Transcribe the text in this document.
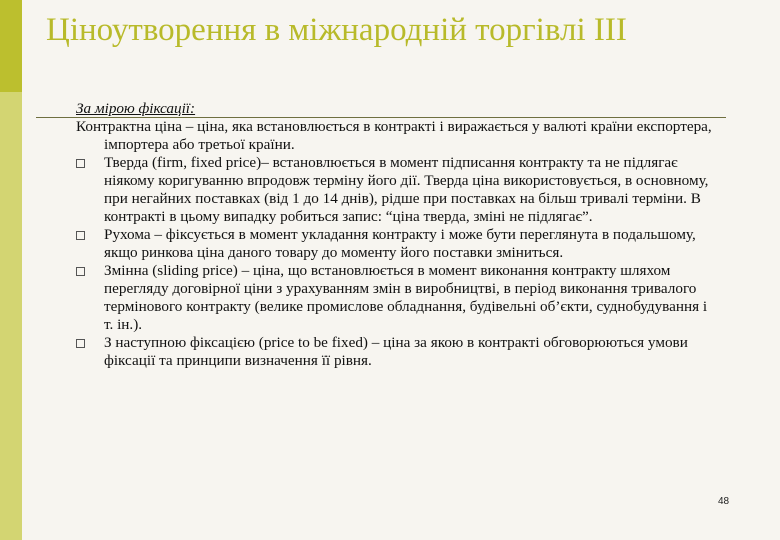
Ціноутворення в міжнародній торгівлі III

За мірою фіксації:

Контрактна ціна – ціна, яка встановлюється в контракті і виражається у валюті країни експортера, імпортера або третьої країни.

Тверда (firm, fixed price)– встановлюється в момент підписання контракту та не підлягає ніякому коригуванню впродовж терміну його дії. Тверда ціна використовується, в основному, при негайних поставках (від 1 до 14 днів), рідше при поставках на більш тривалі терміни. В контракті в цьому випадку робиться запис: “ціна тверда, зміні не підлягає”.
Рухома – фіксується в момент укладання контракту і може бути переглянута в подальшому, якщо ринкова ціна даного товару до моменту його поставки зміниться.
Змінна (sliding price) – ціна, що встановлюється в момент виконання контракту шляхом перегляду договірної ціни з урахуванням змін в виробництві, в період виконання тривалого термінового контракту (велике промислове обладнання, будівельні об’єкти, суднобудування і т. ін.).
З наступною фіксацією (price to be fixed) – ціна за якою в контракті обговорюються умови фіксації та принципи визначення її рівня.
48
